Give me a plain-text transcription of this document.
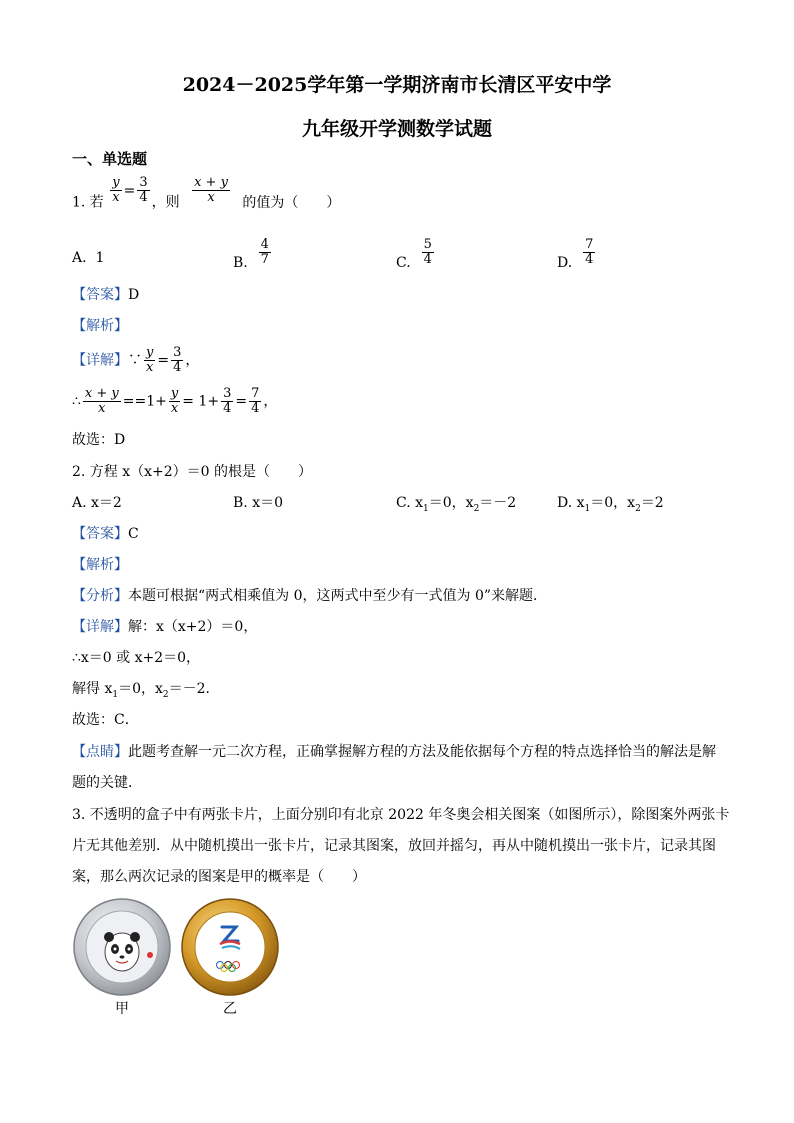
2024－2025学年第一学期济南市长清区平安中学
九年级开学测数学试题
一、单选题
1. 若 $\frac{y}{x} = \frac{3}{4}$ ，则 $\frac{x + y}{x}$ 的值为（　　）
A. 1	B. $\frac{4}{7}$	C. $\frac{5}{4}$	D. $\frac{7}{4}$
【答案】D
【解析】
【详解】∵ $\frac{y}{x} = \frac{3}{4}$ ，
∴ $\frac{x + y}{x} ==1+ \frac{y}{x} = 1+ \frac{3}{4} = \frac{7}{4}$ ，
故选：D
2. 方程 x（x+2）＝0 的根是（　　）
A. x＝2	B. x＝0	C. $x_1=0$，$x_2=-2$	D. $x_1=0$，$x_2=2$
【答案】C
【解析】
【分析】本题可根据“两式相乘值为 0，这两式中至少有一式值为 0”来解题．
【详解】解：x（x+2）＝0，
∴x＝0 或 x+2＝0，
解得 $x_1=0$，$x_2=-2$．
故选：C．
【点睛】此题考查解一元二次方程，正确掌握解方程的方法及能依据每个方程的特点选择恰当的解法是解
题的关键．
3. 不透明的盒子中有两张卡片，上面分别印有北京 2022 年冬奥会相关图案（如图所示），除图案外两张卡
片无其他差别．从中随机摸出一张卡片，记录其图案，放回并摇匀，再从中随机摸出一张卡片，记录其图
案，那么两次记录的图案是甲的概率是（　　）
甲	乙
